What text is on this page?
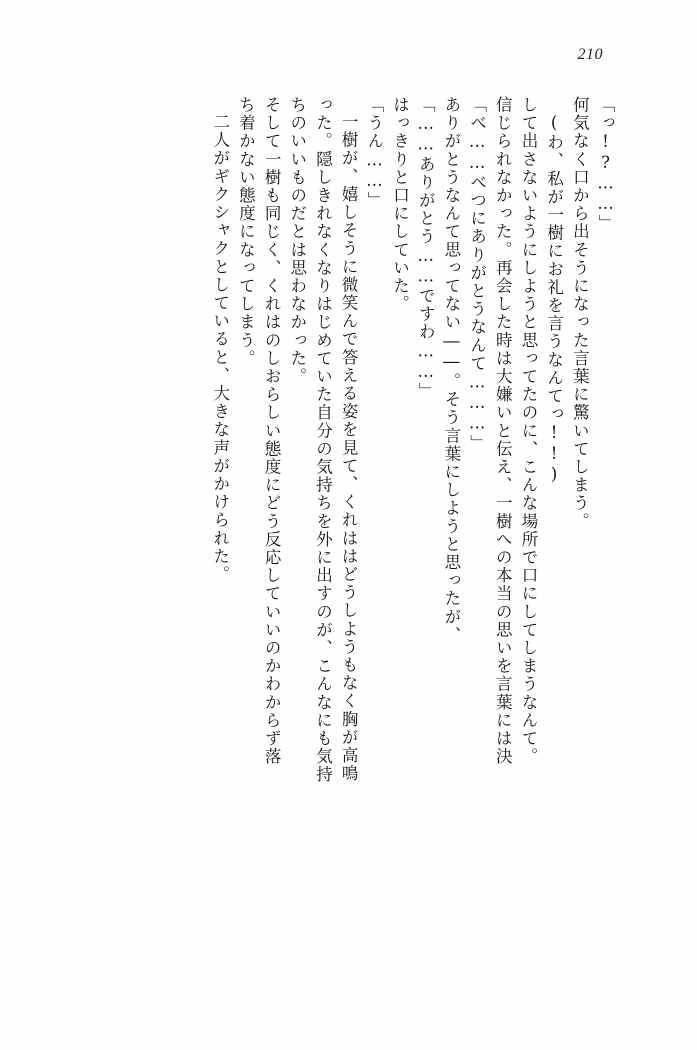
210
「っ!?……」
何気なく口から出そうになった言葉に驚いてしまう。
(わ、私が一樹にお礼を言うなんてっ!!)
して出さないようにしようと思ってたのに、こんな場所で口にしてしまうなんて。
信じられなかった。再会した時は大嫌いと伝え、一樹への本当の思いを言葉には決
「べ……べつにありがとうなんて………」
ありがとうなんて思ってない――。そう言葉にしようと思ったが、
「……ありがとう……ですわ……」
はっきりと口にしていた。
「うん……」
一樹が、嬉しそうに微笑んで答える姿を見て、くれははどうしようもなく胸が高鳴
った。隠しきれなくなりはじめていた自分の気持ちを外に出すのが、こんなにも気持
ちのいいものだとは思わなかった。
そして一樹も同じく、くれはのしおらしい態度にどう反応していいのかわからず落
ち着かない態度になってしまう。
二人がギクシャクとしていると、大きな声がかけられた。
